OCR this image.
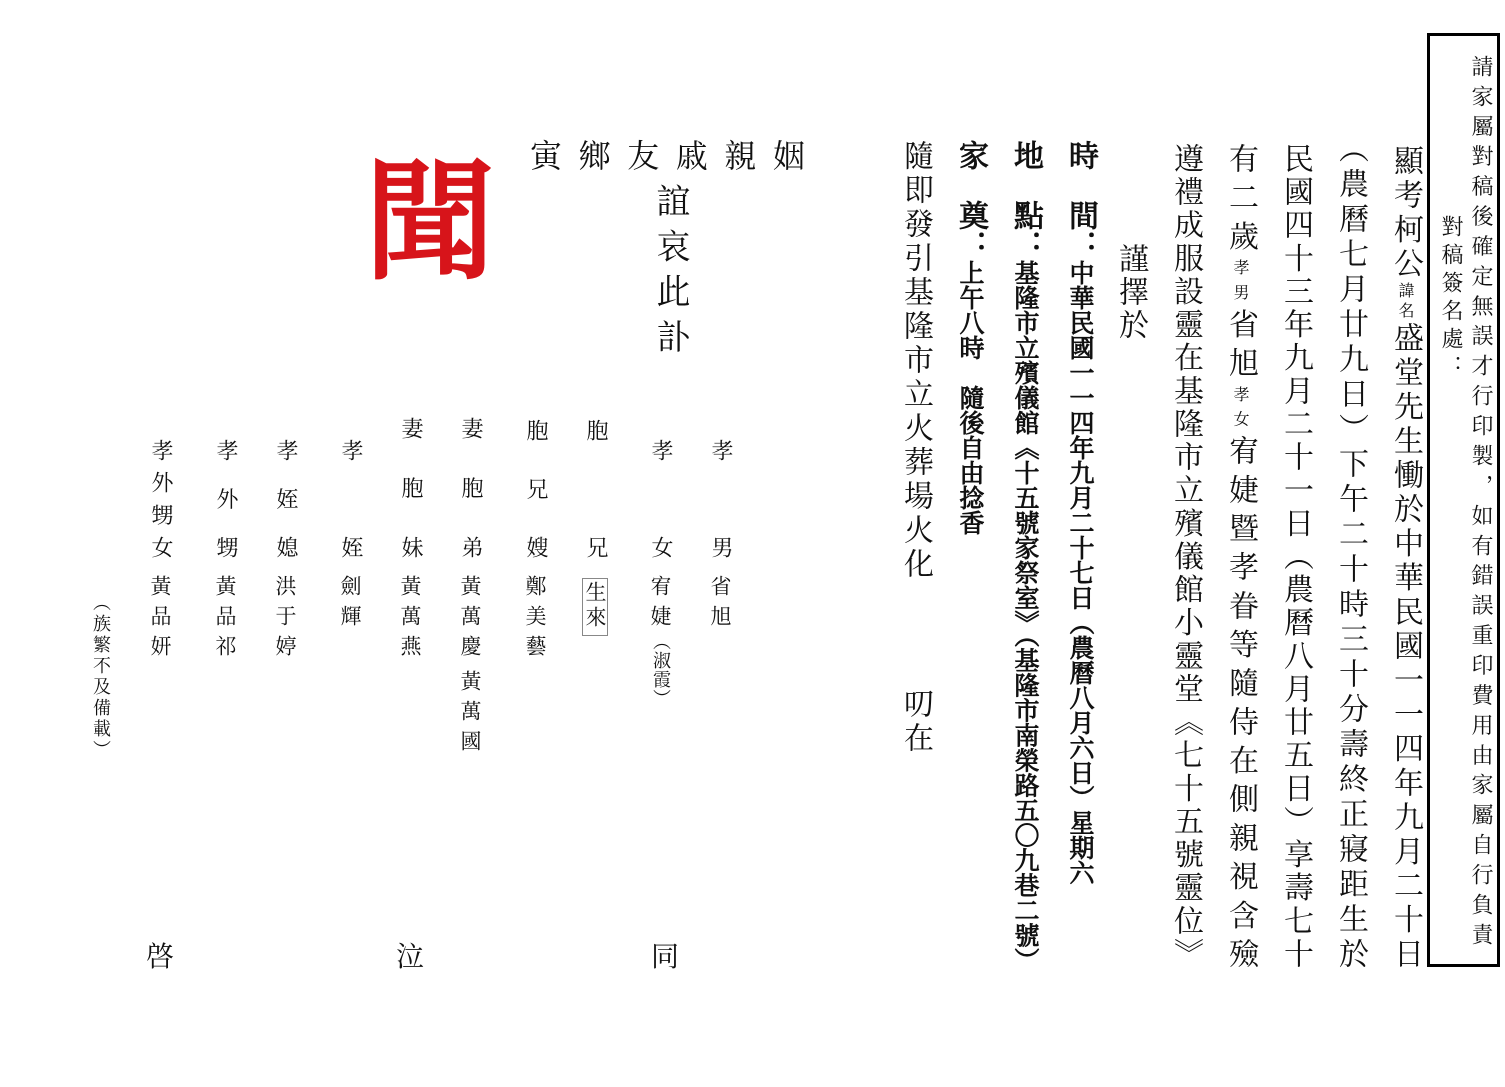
請家屬對稿後確定無誤才行印製，如有錯誤重印費用由家屬自行負責
對稿簽名處：
顯考柯公諱名盛堂先生慟於中華民國一一四年九月二十日
（農曆七月廿九日）下午二十時三十分壽終正寢距生於
民國四十三年九月二十一日（農曆八月廿五日）享壽七十
有二歲孝男省旭孝女宥婕暨孝眷等隨侍在側親視含殮
遵禮成服設靈在基隆市立殯儀館小靈堂《七十五號靈位》
謹擇於
時　間：中華民國一一四年九月二十七日（農曆八月六日）星期六
地　點：基隆市立殯儀館《十五號家祭室》（基隆市南榮路五〇九巷二號）
家　奠：上午八時　隨後自由捻香
隨即發引基隆市立火葬場火化
叨在
姻親戚友鄉寅
誼哀此訃
聞
孝男
省旭
孝女
宥婕
（淑霞）
胞兄
生來
胞兄嫂
鄭美藝
妻胞弟
黃萬慶
黃萬國
妻胞妹
黃萬燕
孝姪
劍輝
孝姪媳
洪于婷
孝外甥
黃品祁
孝外甥女
黃品妍
（族繁不及備載）
同
泣
啓
